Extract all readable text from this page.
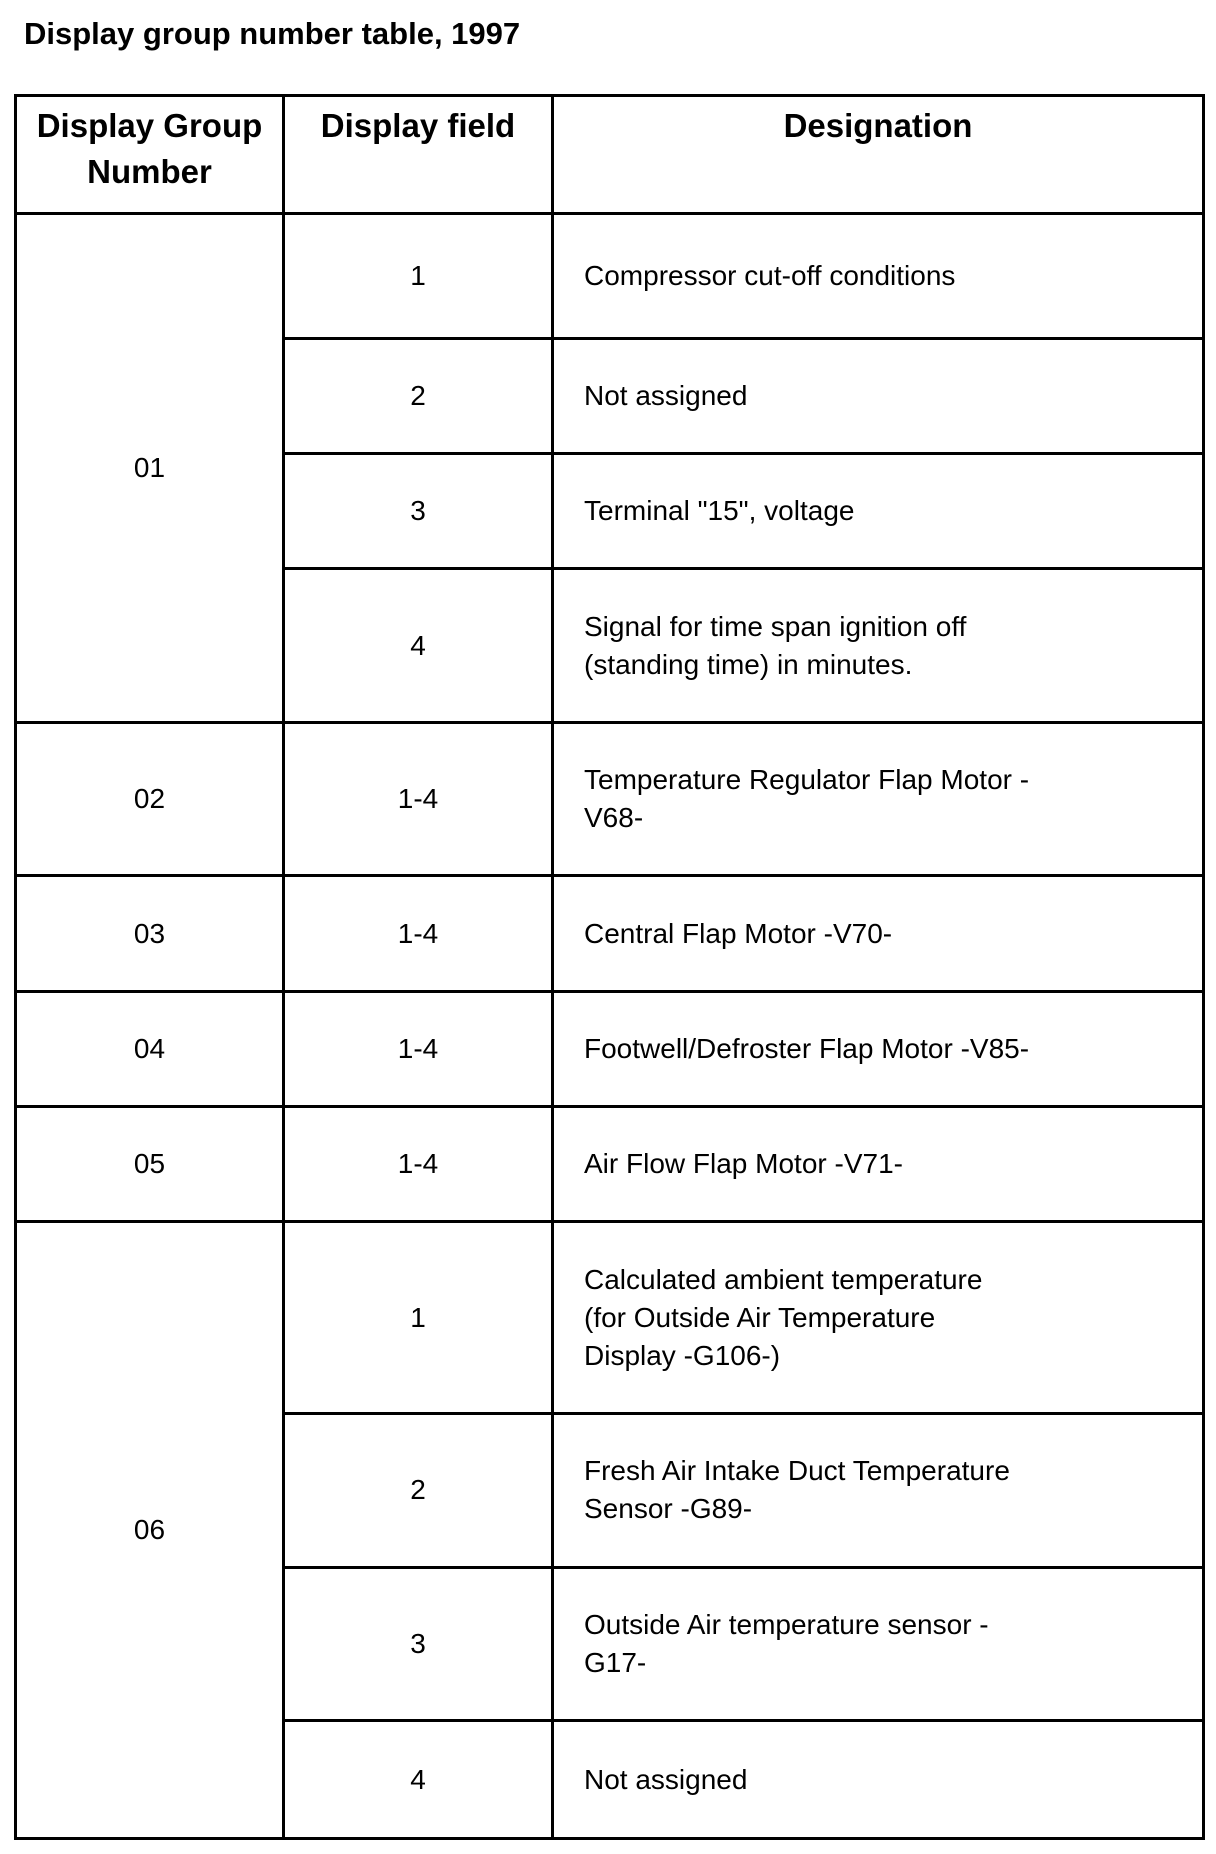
Display group number table, 1997
Display Group
Number	Display field	Designation
01	1	Compressor cut-off conditions

	2	Not assigned

	3	Terminal "15", voltage

	4	Signal for time span ignition off
(standing time) in minutes.

02	1-4	Temperature Regulator Flap Motor -
V68-

03	1-4	Central Flap Motor -V70-

04	1-4	Footwell/Defroster Flap Motor -V85-

05	1-4	Air Flow Flap Motor -V71-

06	1	Calculated ambient temperature
(for Outside Air Temperature
Display -G106-)

	2	Fresh Air Intake Duct Temperature
Sensor -G89-

	3	Outside Air temperature sensor -
G17-

	4	Not assigned
